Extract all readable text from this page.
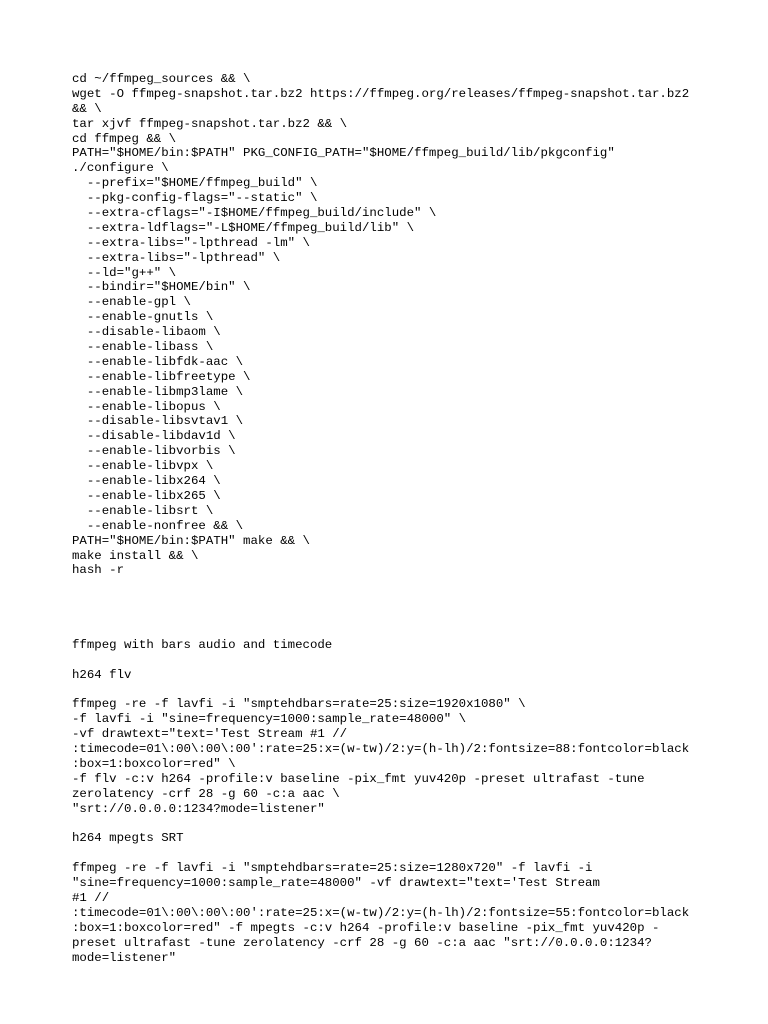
cd ~/ffmpeg_sources && \
wget -O ffmpeg-snapshot.tar.bz2 https://ffmpeg.org/releases/ffmpeg-snapshot.tar.bz2
&& \
tar xjvf ffmpeg-snapshot.tar.bz2 && \
cd ffmpeg && \
PATH="$HOME/bin:$PATH" PKG_CONFIG_PATH="$HOME/ffmpeg_build/lib/pkgconfig"
./configure \
--prefix="$HOME/ffmpeg_build" \
--pkg-config-flags="--static" \
--extra-cflags="-I$HOME/ffmpeg_build/include" \
--extra-ldflags="-L$HOME/ffmpeg_build/lib" \
--extra-libs="-lpthread -lm" \
--extra-libs="-lpthread" \
--ld="g++" \
--bindir="$HOME/bin" \
--enable-gpl \
--enable-gnutls \
--disable-libaom \
--enable-libass \
--enable-libfdk-aac \
--enable-libfreetype \
--enable-libmp3lame \
--enable-libopus \
--disable-libsvtav1 \
--disable-libdav1d \
--enable-libvorbis \
--enable-libvpx \
--enable-libx264 \
--enable-libx265 \
--enable-libsrt \
--enable-nonfree && \
PATH="$HOME/bin:$PATH" make && \
make install && \
hash -r
ffmpeg with bars audio and timecode
h264 flv
ffmpeg -re -f lavfi -i "smptehdbars=rate=25:size=1920x1080" \
-f lavfi -i "sine=frequency=1000:sample_rate=48000" \
-vf drawtext="text='Test Stream #1 //
:timecode=01\:00\:00\:00':rate=25:x=(w-tw)/2:y=(h-lh)/2:fontsize=88:fontcolor=black
:box=1:boxcolor=red" \
-f flv -c:v h264 -profile:v baseline -pix_fmt yuv420p -preset ultrafast -tune
zerolatency -crf 28 -g 60 -c:a aac \
"srt://0.0.0.0:1234?mode=listener"
h264 mpegts SRT
ffmpeg -re -f lavfi -i "smptehdbars=rate=25:size=1280x720" -f lavfi -i
"sine=frequency=1000:sample_rate=48000" -vf drawtext="text='Test Stream
#1 //
:timecode=01\:00\:00\:00':rate=25:x=(w-tw)/2:y=(h-lh)/2:fontsize=55:fontcolor=black
:box=1:boxcolor=red" -f mpegts -c:v h264 -profile:v baseline -pix_fmt yuv420p -
preset ultrafast -tune zerolatency -crf 28 -g 60 -c:a aac "srt://0.0.0.0:1234?
mode=listener"
